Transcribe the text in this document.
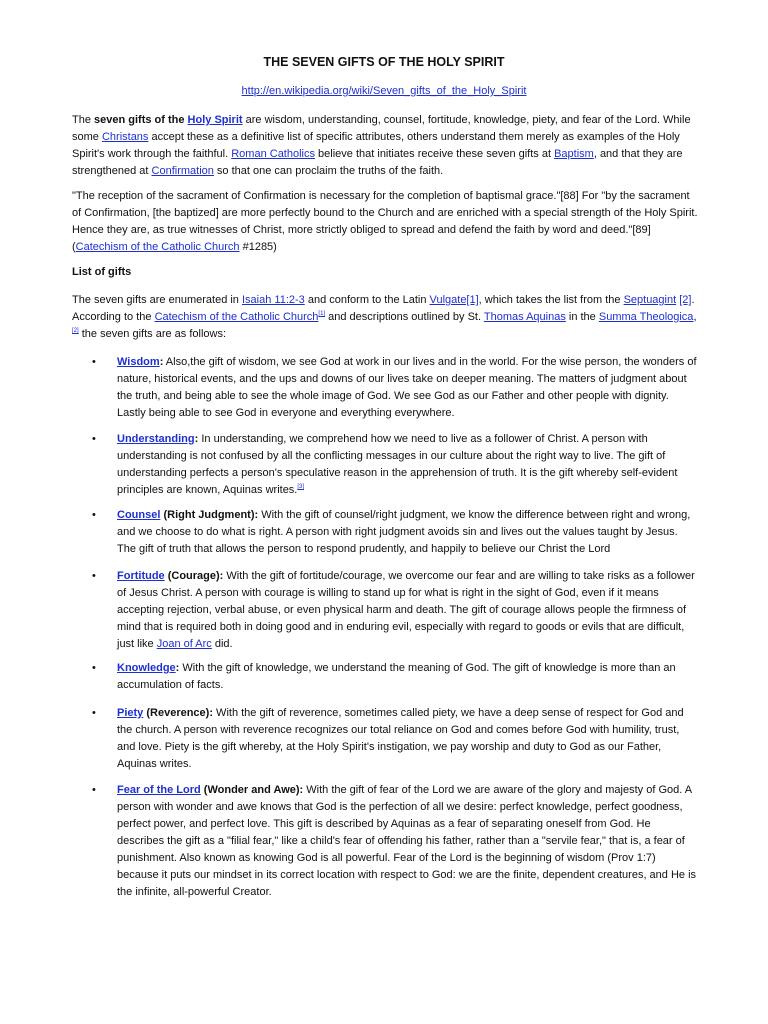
THE SEVEN GIFTS OF THE HOLY SPIRIT
http://en.wikipedia.org/wiki/Seven_gifts_of_the_Holy_Spirit
The seven gifts of the Holy Spirit are wisdom, understanding, counsel, fortitude, knowledge, piety, and fear of the Lord. While some Christans accept these as a definitive list of specific attributes, others understand them merely as examples of the Holy Spirit's work through the faithful. Roman Catholics believe that initiates receive these seven gifts at Baptism, and that they are strengthened at Confirmation so that one can proclaim the truths of the faith.
"The reception of the sacrament of Confirmation is necessary for the completion of baptismal grace."[88] For "by the sacrament of Confirmation, [the baptized] are more perfectly bound to the Church and are enriched with a special strength of the Holy Spirit. Hence they are, as true witnesses of Christ, more strictly obliged to spread and defend the faith by word and deed."[89] (Catechism of the Catholic Church #1285)
List of gifts
The seven gifts are enumerated in Isaiah 11:2-3 and conform to the Latin Vulgate[1], which takes the list from the Septuagint [2]. According to the Catechism of the Catholic Church[1] and descriptions outlined by St. Thomas Aquinas in the Summa Theologica,[2] the seven gifts are as follows:
•	Wisdom: Also,the gift of wisdom, we see God at work in our lives and in the world. For the wise person, the wonders of nature, historical events, and the ups and downs of our lives take on deeper meaning. The matters of judgment about the truth, and being able to see the whole image of God. We see God as our Father and other people with dignity. Lastly being able to see God in everyone and everything everywhere.
•	Understanding: In understanding, we comprehend how we need to live as a follower of Christ. A person with understanding is not confused by all the conflicting messages in our culture about the right way to live. The gift of understanding perfects a person's speculative reason in the apprehension of truth. It is the gift whereby self-evident principles are known, Aquinas writes.[3]
•	Counsel (Right Judgment): With the gift of counsel/right judgment, we know the difference between right and wrong, and we choose to do what is right. A person with right judgment avoids sin and lives out the values taught by Jesus. The gift of truth that allows the person to respond prudently, and happily to believe our Christ the Lord
•	Fortitude (Courage): With the gift of fortitude/courage, we overcome our fear and are willing to take risks as a follower of Jesus Christ. A person with courage is willing to stand up for what is right in the sight of God, even if it means accepting rejection, verbal abuse, or even physical harm and death. The gift of courage allows people the firmness of mind that is required both in doing good and in enduring evil, especially with regard to goods or evils that are difficult, just like Joan of Arc did.
•	Knowledge: With the gift of knowledge, we understand the meaning of God. The gift of knowledge is more than an accumulation of facts.
•	Piety (Reverence): With the gift of reverence, sometimes called piety, we have a deep sense of respect for God and the church. A person with reverence recognizes our total reliance on God and comes before God with humility, trust, and love. Piety is the gift whereby, at the Holy Spirit's instigation, we pay worship and duty to God as our Father, Aquinas writes.
•	Fear of the Lord (Wonder and Awe): With the gift of fear of the Lord we are aware of the glory and majesty of God. A person with wonder and awe knows that God is the perfection of all we desire: perfect knowledge, perfect goodness, perfect power, and perfect love. This gift is described by Aquinas as a fear of separating oneself from God. He describes the gift as a "filial fear," like a child's fear of offending his father, rather than a "servile fear," that is, a fear of punishment. Also known as knowing God is all powerful. Fear of the Lord is the beginning of wisdom (Prov 1:7) because it puts our mindset in its correct location with respect to God: we are the finite, dependent creatures, and He is the infinite, all-powerful Creator.
